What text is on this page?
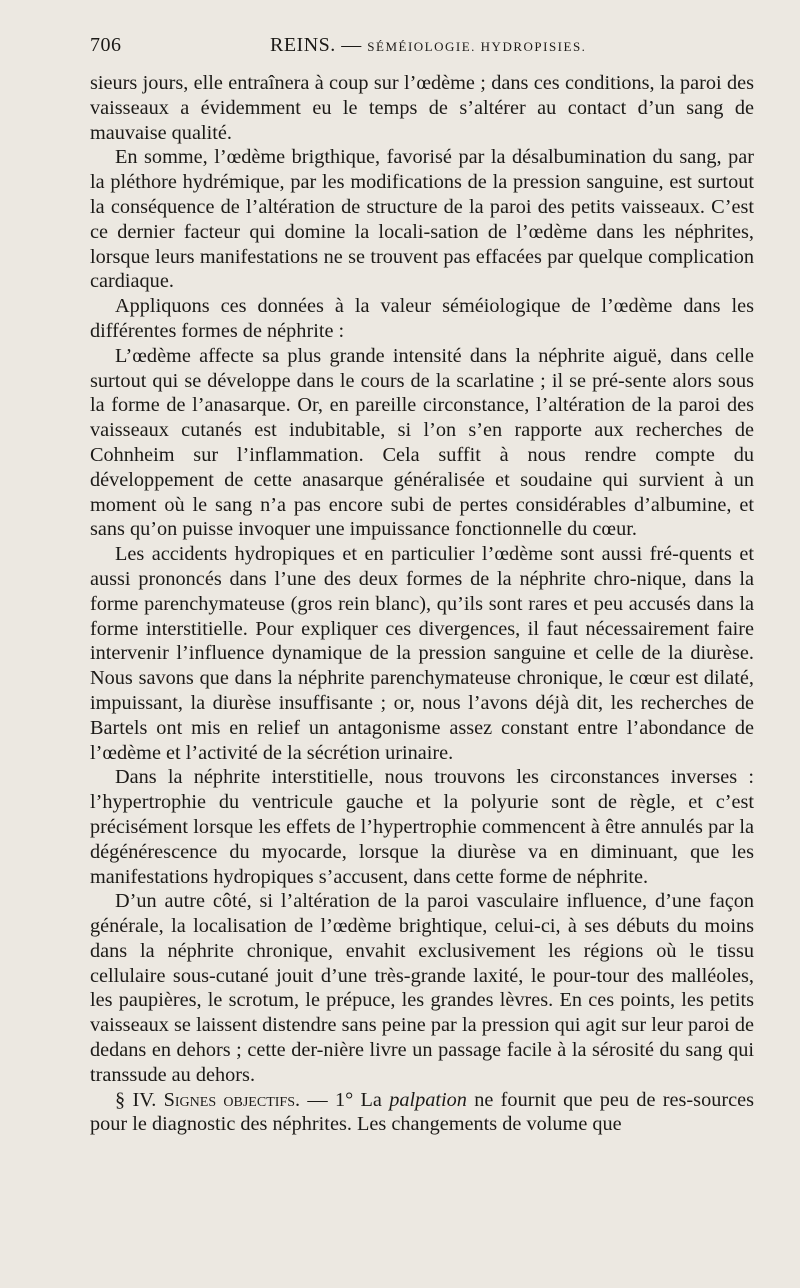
706	REINS. — SÉMÉIOLOGIE. HYDROPISIES.

sieurs jours, elle entraînera à coup sur l’œdème ; dans ces conditions, la paroi des vaisseaux a évidemment eu le temps de s’altérer au contact d’un sang de mauvaise qualité.

En somme, l’œdème brigthique, favorisé par la désalbumination du sang, par la pléthore hydrémique, par les modifications de la pression sanguine, est surtout la conséquence de l’altération de structure de la paroi des petits vaisseaux. C’est ce dernier facteur qui domine la locali-sation de l’œdème dans les néphrites, lorsque leurs manifestations ne se trouvent pas effacées par quelque complication cardiaque.

Appliquons ces données à la valeur séméiologique de l’œdème dans les différentes formes de néphrite :

L’œdème affecte sa plus grande intensité dans la néphrite aiguë, dans celle surtout qui se développe dans le cours de la scarlatine ; il se pré-sente alors sous la forme de l’anasarque. Or, en pareille circonstance, l’altération de la paroi des vaisseaux cutanés est indubitable, si l’on s’en rapporte aux recherches de Cohnheim sur l’inflammation. Cela suffit à nous rendre compte du développement de cette anasarque généralisée et soudaine qui survient à un moment où le sang n’a pas encore subi de pertes considérables d’albumine, et sans qu’on puisse invoquer une impuissance fonctionnelle du cœur.

Les accidents hydropiques et en particulier l’œdème sont aussi fré-quents et aussi prononcés dans l’une des deux formes de la néphrite chro-nique, dans la forme parenchymateuse (gros rein blanc), qu’ils sont rares et peu accusés dans la forme interstitielle. Pour expliquer ces divergences, il faut nécessairement faire intervenir l’influence dynamique de la pression sanguine et celle de la diurèse. Nous savons que dans la néphrite parenchymateuse chronique, le cœur est dilaté, impuissant, la diurèse insuffisante ; or, nous l’avons déjà dit, les recherches de Bartels ont mis en relief un antagonisme assez constant entre l’abondance de l’œdème et l’activité de la sécrétion urinaire.

Dans la néphrite interstitielle, nous trouvons les circonstances inverses : l’hypertrophie du ventricule gauche et la polyurie sont de règle, et c’est précisément lorsque les effets de l’hypertrophie commencent à être annulés par la dégénérescence du myocarde, lorsque la diurèse va en diminuant, que les manifestations hydropiques s’accusent, dans cette forme de néphrite.

D’un autre côté, si l’altération de la paroi vasculaire influence, d’une façon générale, la localisation de l’œdème brightique, celui-ci, à ses débuts du moins dans la néphrite chronique, envahit exclusivement les régions où le tissu cellulaire sous-cutané jouit d’une très-grande laxité, le pour-tour des malléoles, les paupières, le scrotum, le prépuce, les grandes lèvres. En ces points, les petits vaisseaux se laissent distendre sans peine par la pression qui agit sur leur paroi de dedans en dehors ; cette der-nière livre un passage facile à la sérosité du sang qui transsude au dehors.

§ IV. Signes objectifs. — 1° La palpation ne fournit que peu de res-sources pour le diagnostic des néphrites. Les changements de volume que
